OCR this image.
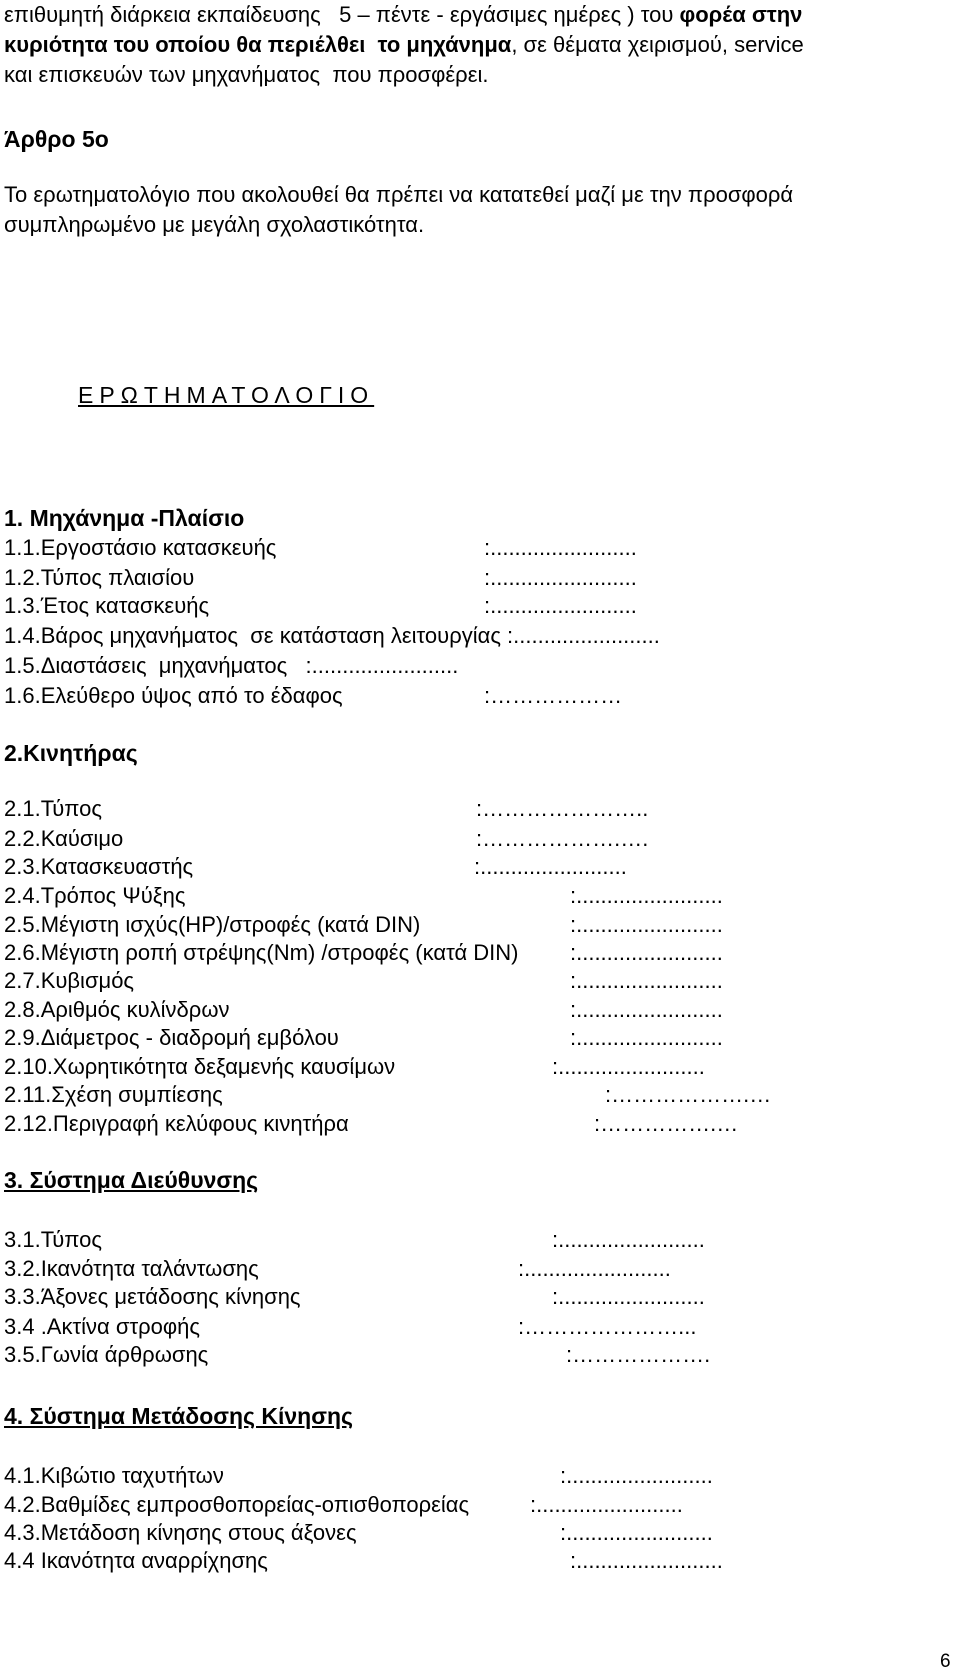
επιθυμητή διάρκεια εκπαίδευσης   5 – πέντε - εργάσιμες ημέρες ) του φορέα στην
κυριότητα του οποίου θα περιέλθει  το μηχάνημα, σε θέματα χειρισμού, service
και επισκευών των μηχανήματος  που προσφέρει.
Άρθρο 5ο
Το ερωτηματολόγιο που ακολουθεί θα πρέπει να κατατεθεί μαζί με την προσφορά
συμπληρωμένο με μεγάλη σχολαστικότητα.
ΕΡΩΤΗΜΑΤΟΛΟΓΙΟ
1. Μηχάνημα -Πλαίσιο
1.1.Εργοστάσιο κατασκευής	:........................
1.2.Τύπος πλαισίου	:........................
1.3.Έτος κατασκευής	:........................
1.4.Βάρος μηχανήματος  σε κατάσταση λειτουργίας : ........................
1.5.Διαστάσεις  μηχανήματος   : ........................
1.6.Ελεύθερο ύψος από το έδαφος	:………………
2.Κινητήρας
2.1.Τύπος	:…………………..
2.2.Καύσιμο	:……………….….
2.3.Κατασκευαστής	:........................
2.4.Τρόπος Ψύξης	:........................
2.5.Μέγιστη ισχύς(HP)/στροφές (κατά DIN)	:........................
2.6.Μέγιστη ροπή στρέψης(Nm) /στροφές (κατά DIN) :........................
2.7.Κυβισμός	:........................
2.8.Αριθμός κυλίνδρων	:........................
2.9.Διάμετρος - διαδρομή εμβόλου	:........................
2.10.Χωρητικότητα δεξαμενής καυσίμων	:........................
2.11.Σχέση συμπίεσης	:……………….…
2.12.Περιγραφή κελύφους κινητήρα	:…………….…
3. Σύστημα Διεύθυνσης
3.1.Τύπος	:........................
3.2.Ικανότητα ταλάντωσης	:........................
3.3.Άξονες μετάδοσης κίνησης	:........................
3.4 .Ακτίνα στροφής	:…………………...
3.5.Γωνία άρθρωσης	:……………….
4. Σύστημα Μετάδοσης Κίνησης
4.1.Κιβώτιο ταχυτήτων	:........................
4.2.Βαθμίδες εμπροσθοπορείας-οπισθοπορείας	:........................
4.3.Μετάδοση κίνησης στους άξονες	:........................
4.4 Ικανότητα αναρρίχησης	:........................
6
